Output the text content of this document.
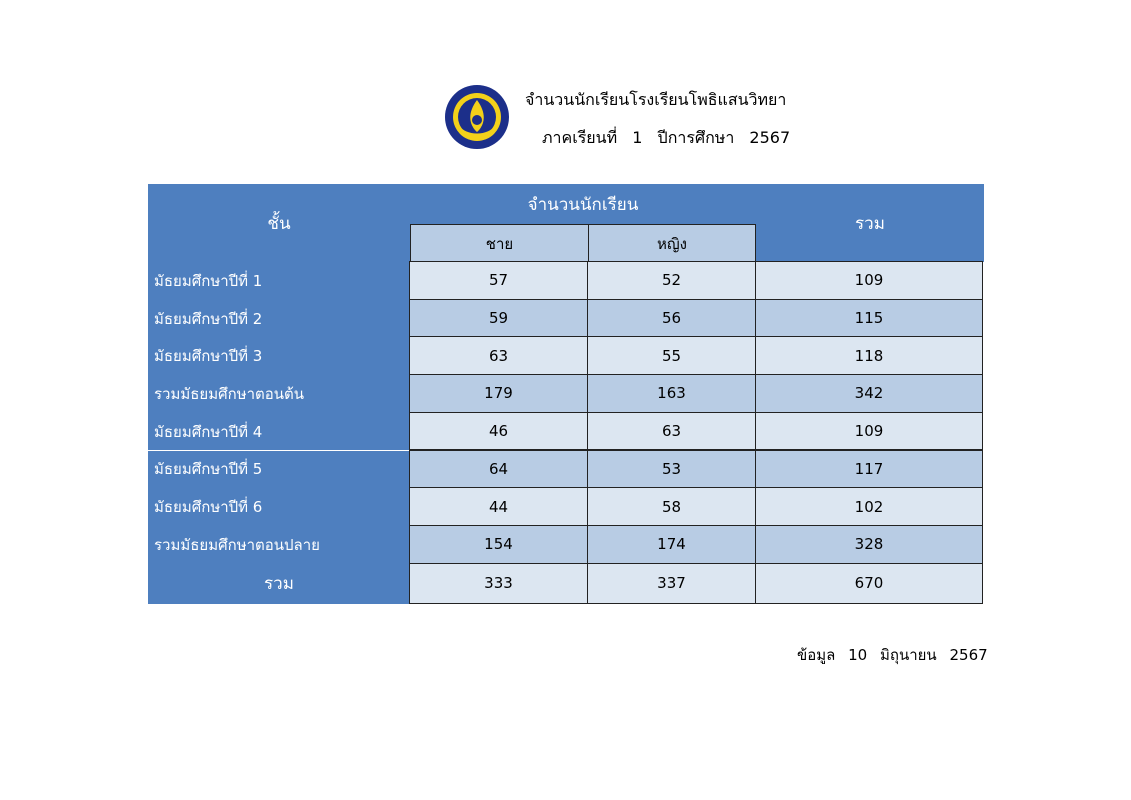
จำนวนนักเรียนโรงเรียนโพธิแสนวิทยา
ภาคเรียนที่ 1 ปีการศึกษา 2567
ชั้น
จำนวนนักเรียน
รวม
ชาย	หญิง
มัธยมศึกษาปีที่ 1	57	52	109
มัธยมศึกษาปีที่ 2	59	56	115
มัธยมศึกษาปีที่ 3	63	55	118
รวมมัธยมศึกษาตอนต้น	179	163	342
มัธยมศึกษาปีที่ 4	46	63	109
มัธยมศึกษาปีที่ 5	64	53	117
มัธยมศึกษาปีที่ 6	44	58	102
รวมมัธยมศึกษาตอนปลาย	154	174	328
รวม	333	337	670
ข้อมูล 10 มิถุนายน 2567
